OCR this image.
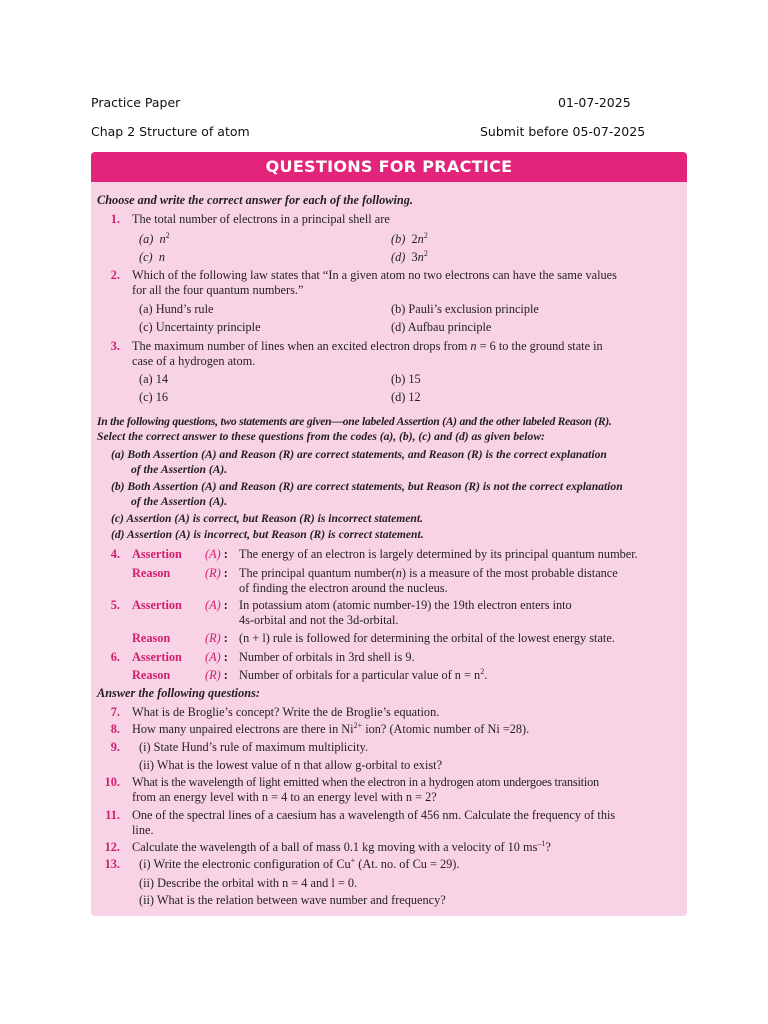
Practice Paper	01-07-2025
Chap 2 Structure of atom	Submit before 05-07-2025
QUESTIONS FOR PRACTICE
Choose and write the correct answer for each of the following.
1. The total number of electrons in a principal shell are
(a) $n^2$	(b) $2n^2$
(c) n	(d) $3n^2$
2. Which of the following law states that “In a given atom no two electrons can have the same values
for all the four quantum numbers.”
(a) Hund’s rule	(b) Pauli’s exclusion principle
(c) Uncertainty principle	(d) Aufbau principle
3. The maximum number of lines when an excited electron drops from n = 6 to the ground state in
case of a hydrogen atom.
(a) 14	(b) 15
(c) 16	(d) 12
In the following questions, two statements are given—one labeled Assertion (A) and the other labeled Reason (R).
Select the correct answer to these questions from the codes (a), (b), (c) and (d) as given below:
(a) Both Assertion (A) and Reason (R) are correct statements, and Reason (R) is the correct explanation
of the Assertion (A).
(b) Both Assertion (A) and Reason (R) are correct statements, but Reason (R) is not the correct explanation
of the Assertion (A).
(c) Assertion (A) is correct, but Reason (R) is incorrect statement.
(d) Assertion (A) is incorrect, but Reason (R) is correct statement.
4. Assertion (A) : The energy of an electron is largely determined by its principal quantum number.
Reason	(R) : The principal quantum number(n) is a measure of the most probable distance
of finding the electron around the nucleus.
5. Assertion (A) : In potassium atom (atomic number-19) the 19th electron enters into
4s-orbital and not the 3d-orbital.
Reason	(R) : (n + l) rule is followed for determining the orbital of the lowest energy state.
6. Assertion (A) : Number of orbitals in 3rd shell is 9.
Reason	(R) : Number of orbitals for a particular value of $n = n^2$.
Answer the following questions:
7. What is de Broglie’s concept? Write the de Broglie’s equation.
8. How many unpaired electrons are there in $Ni^{2+}$ ion? (Atomic number of Ni =28).
9. (i) State Hund’s rule of maximum multiplicity.
(ii) What is the lowest value of n that allow g-orbital to exist?
10. What is the wavelength of light emitted when the electron in a hydrogen atom undergoes transition
from an energy level with n = 4 to an energy level with n = 2?
11. One of the spectral lines of a caesium has a wavelength of 456 nm. Calculate the frequency of this
line.
12. Calculate the wavelength of a ball of mass 0.1 kg moving with a velocity of 10 $ms^{-1}$?
13. (i) Write the electronic configuration of Cu+ (At. no. of Cu = 29).
(ii) Describe the orbital with n = 4 and l = 0.
(ii) What is the relation between wave number and frequency?
